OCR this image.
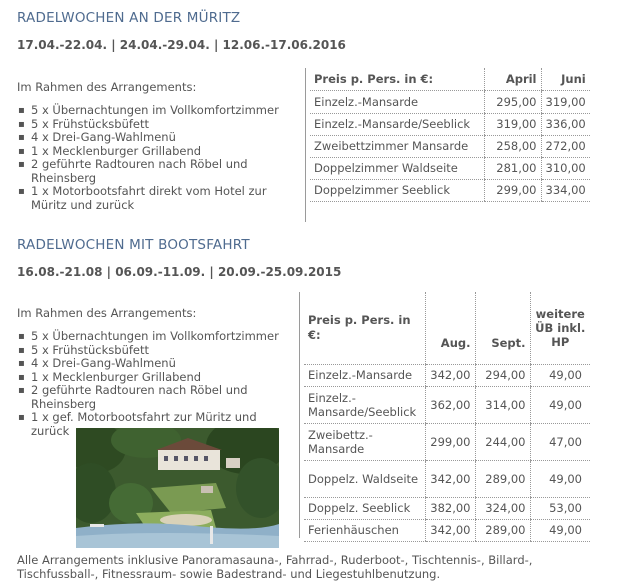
RADELWOCHEN AN DER MÜRITZ
17.04.-22.04. | 24.04.-29.04. | 12.06.-17.06.2016
Im Rahmen des Arrangements:
▪ 5 x Übernachtungen im Vollkomfortzimmer
▪ 5 x Frühstücksbüfett
▪ 4 x Drei-Gang-Wahlmenü
▪ 1 x Mecklenburger Grillabend
▪ 2 geführte Radtouren nach Röbel und Rheinsberg
▪ 1 x Motorbootsfahrt direkt vom Hotel zur Müritz und zurück
Preis p. Pers. in €:	April	Juni
Einzelz.-Mansarde	295,00	319,00
Einzelz.-Mansarde/Seeblick	319,00	336,00
Zweibettzimmer Mansarde	258,00	272,00
Doppelzimmer Waldseite	281,00	310,00
Doppelzimmer Seeblick	299,00	334,00
RADELWOCHEN MIT BOOTSFAHRT
16.08.-21.08 | 06.09.-11.09. | 20.09.-25.09.2015
Im Rahmen des Arrangements:
▪ 5 x Übernachtungen im Vollkomfortzimmer
▪ 5 x Frühstücksbüfett
▪ 4 x Drei-Gang-Wahlmenü
▪ 1 x Mecklenburger Grillabend
▪ 2 geführte Radtouren nach Röbel und Rheinsberg
▪ 1 x gef. Motorbootsfahrt zur Müritz und zurück
Preis p. Pers. in €:	Aug.	Sept.	weitere ÜB inkl. HP
Einzelz.-Mansarde	342,00	294,00	49,00
Einzelz.-Mansarde/Seeblick	362,00	314,00	49,00
Zweibettz.-Mansarde	299,00	244,00	47,00
Doppelz. Waldseite	342,00	289,00	49,00
Doppelz. Seeblick	382,00	324,00	53,00
Ferienhäuschen	342,00	289,00	49,00
Alle Arrangements inklusive Panoramasauna-, Fahrrad-, Ruderboot-, Tischtennis-, Billard-, Tischfussball-, Fitnessraum- sowie Badestrand- und Liegestuhlbenutzung.
